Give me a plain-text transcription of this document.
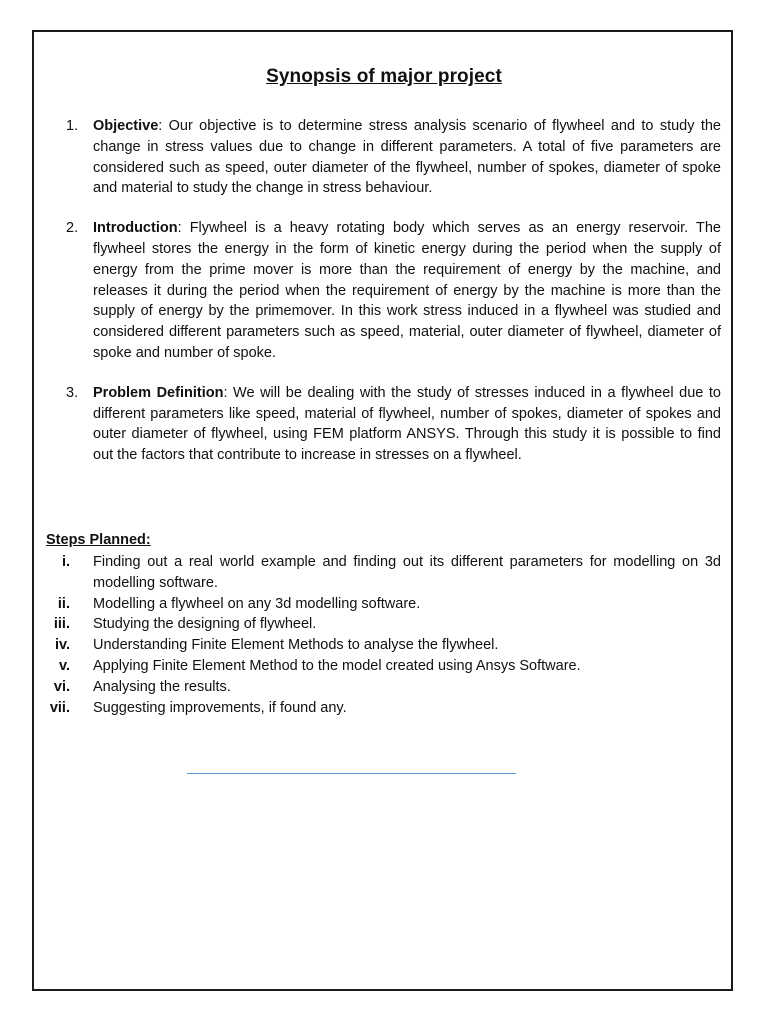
Synopsis of major project
1.	Objective: Our objective is to determine stress analysis scenario of flywheel and to study the change in stress values due to change in different parameters. A total of five parameters are considered such as speed, outer diameter of the flywheel, number of spokes, diameter of spoke and material to study the change in stress behaviour.
2.	Introduction: Flywheel is a heavy rotating body which serves as an energy reservoir. The flywheel stores the energy in the form of kinetic energy during the period when the supply of energy from the prime mover is more than the requirement of energy by the machine, and releases it during the period when the requirement of energy by the machine is more than the supply of energy by the primemover. In this work stress induced in a flywheel was studied and considered different parameters such as speed, material, outer diameter of flywheel, diameter of spoke and number of spoke.
3.	Problem Definition: We will be dealing with the study of stresses induced in a flywheel due to different parameters like speed, material of flywheel, number of spokes, diameter of spokes and outer diameter of flywheel, using FEM platform ANSYS. Through this study it is possible to find out the factors that contribute to increase in stresses on a flywheel.
Steps Planned:
i.	Finding out a real world example and finding out its different parameters for modelling on 3d modelling software.
ii.	Modelling a flywheel on any 3d modelling software.
iii.	Studying the designing of flywheel.
iv.	Understanding Finite Element Methods to analyse the flywheel.
v.	Applying Finite Element Method to the model created using Ansys Software.
vi.	Analysing the results.
vii.	Suggesting improvements, if found any.
